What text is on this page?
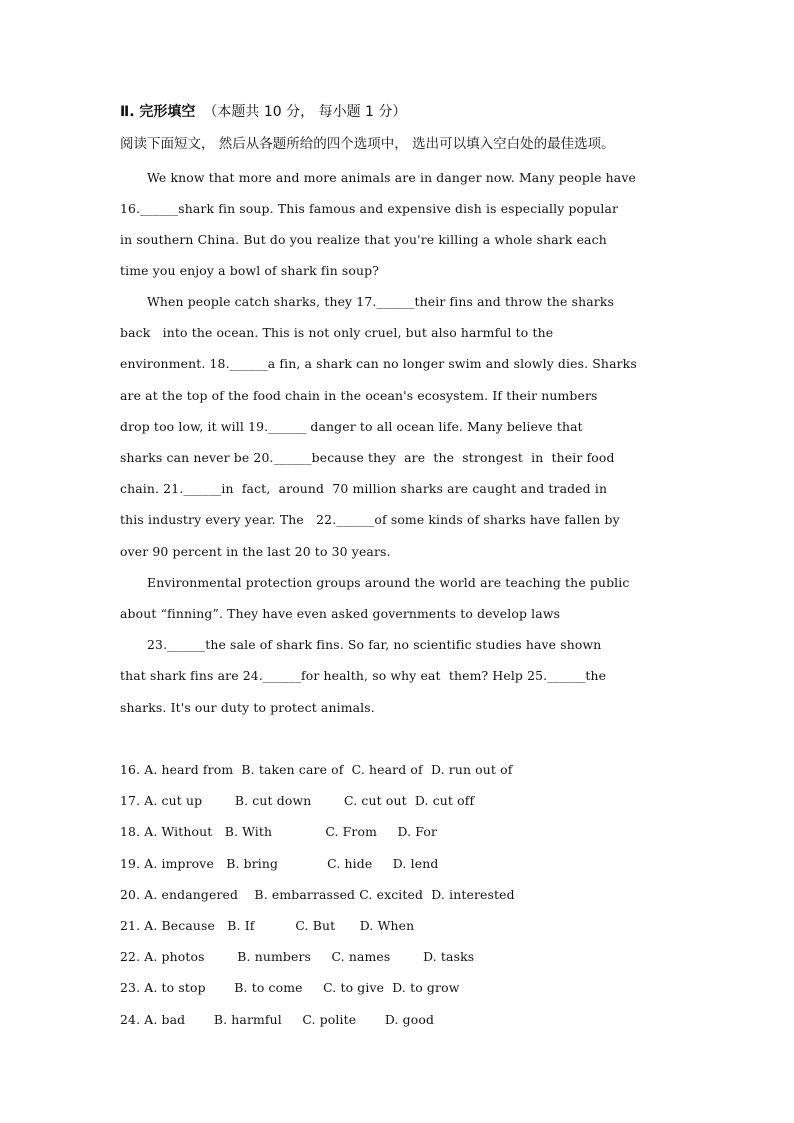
Ⅱ. 完形填空 （本题共 10 分， 每小题 1 分）
阅读下面短文， 然后从各题所给的四个选项中， 选出可以填入空白处的最佳选项。
We know that more and more animals are in danger now. Many people have
16.______shark fin soup. This famous and expensive dish is especially popular
in southern China. But do you realize that you're killing a whole shark each
time you enjoy a bowl of shark fin soup?
When people catch sharks, they 17.______their fins and throw the sharks
back   into the ocean. This is not only cruel, but also harmful to the
environment. 18.______a fin, a shark can no longer swim and slowly dies. Sharks
are at the top of the food chain in the ocean's ecosystem. If their numbers
drop too low, it will 19.______ danger to all ocean life. Many believe that
sharks can never be 20.______because they  are  the  strongest  in  their food
chain. 21.______in  fact,  around  70 million sharks are caught and traded in
this industry every year. The   22.______of some kinds of sharks have fallen by
over 90 percent in the last 20 to 30 years.
Environmental protection groups around the world are teaching the public
about “finning”. They have even asked governments to develop laws
23.______the sale of shark fins. So far, no scientific studies have shown
that shark fins are 24.______for health, so why eat  them? Help 25.______the
sharks. It's our duty to protect animals.
16. A. heard from  B. taken care of  C. heard of  D. run out of
17. A. cut up        B. cut down        C. cut out  D. cut off
18. A. Without   B. With             C. From     D. For
19. A. improve   B. bring            C. hide     D. lend
20. A. endangered    B. embarrassed C. excited  D. interested
21. A. Because   B. If          C. But      D. When
22. A. photos        B. numbers     C. names        D. tasks
23. A. to stop       B. to come     C. to give  D. to grow
24. A. bad       B. harmful     C. polite       D. good
